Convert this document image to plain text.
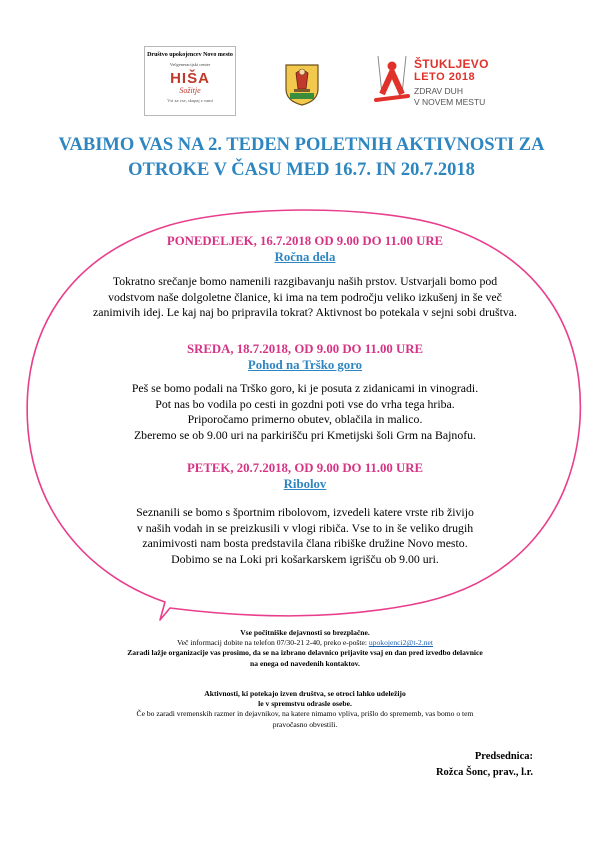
Društvo upokojencev Novo mesto
Večgeneracijski center
HIŠA
Sožitje
Vsi za vse, skupaj z vami
ŠTUKLJEVO
LETO 2018
ZDRAV DUH
V NOVEM MESTU
VABIMO VAS NA 2. TEDEN POLETNIH AKTIVNOSTI ZA
OTROKE V ČASU MED 16.7. IN 20.7.2018
PONEDELJEK, 16.7.2018 OD 9.00 DO 11.00 URE
Ročna dela
Tokratno srečanje bomo namenili razgibavanju naših prstov. Ustvarjali bomo pod
vodstvom naše dolgoletne članice, ki ima na tem področju veliko izkušenj in še več
zanimivih idej. Le kaj naj bo pripravila tokrat? Aktivnost bo potekala v sejni sobi društva.
SREDA, 18.7.2018, OD 9.00 DO 11.00 URE
Pohod na Trško goro
Peš se bomo podali na Trško goro, ki je posuta z zidanicami in vinogradi.
Pot nas bo vodila po cesti in gozdni poti vse do vrha tega hriba.
Priporočamo primerno obutev, oblačila in malico.
Zberemo se ob 9.00 uri na parkirišču pri Kmetijski šoli Grm na Bajnofu.
PETEK, 20.7.2018, OD 9.00 DO 11.00 URE
Ribolov
Seznanili se bomo s športnim ribolovom, izvedeli katere vrste rib živijo
v naših vodah in se preizkusili v vlogi ribiča. Vse to in še veliko drugih
zanimivosti nam bosta predstavila člana ribiške družine Novo mesto.
Dobimo se na Loki pri košarkarskem igrišču ob 9.00 uri.
Vse počitniške dejavnosti so brezplačne.
Več informacij dobite na telefon 07/30-21 2-40, preko e-pošte: upokojenci2@t-2.net
Zaradi lažje organizacije vas prosimo, da se na izbrano delavnico prijavite vsaj en dan pred izvedbo delavnice
na enega od navedenih kontaktov.
Aktivnosti, ki potekajo izven društva, se otroci lahko udeležijo
le v spremstvu odrasle osebe.
Če bo zaradi vremenskih razmer in dejavnikov, na katere nimamo vpliva, prišlo do sprememb, vas bomo o tem
pravočasno obvestili.
Predsednica:
Rožca Šonc, prav., l.r.
